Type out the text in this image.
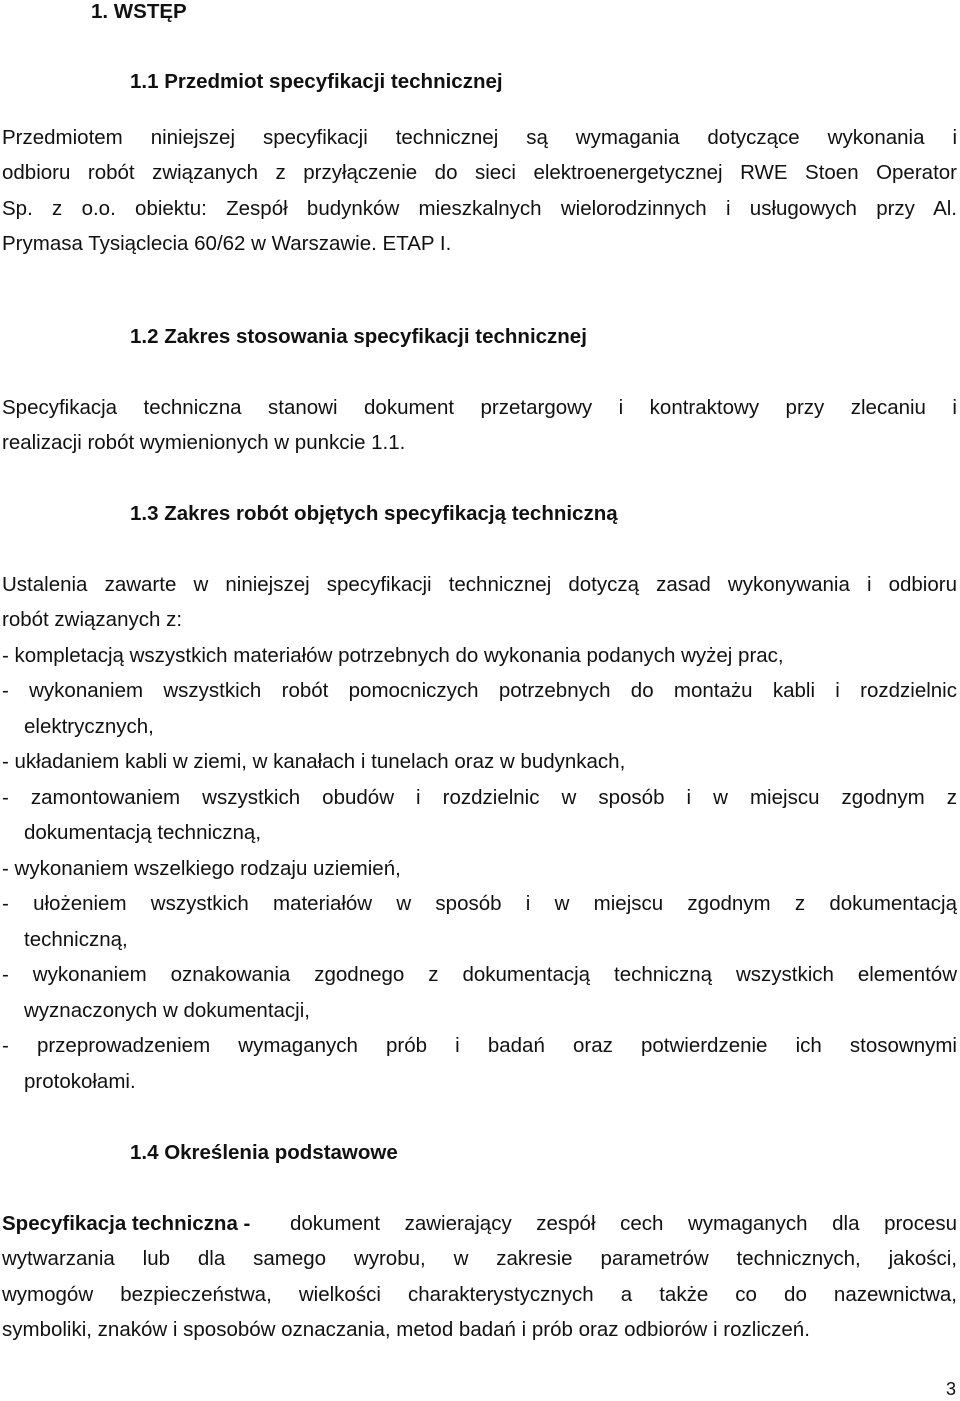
1. WSTĘP
1.1 Przedmiot specyfikacji technicznej
Przedmiotem niniejszej specyfikacji technicznej są wymagania dotyczące wykonania i
odbioru robót związanych z przyłączenie do sieci elektroenergetycznej RWE Stoen Operator
Sp. z o.o. obiektu: Zespół budynków mieszkalnych wielorodzinnych i usługowych przy Al.
Prymasa Tysiąclecia 60/62 w Warszawie. ETAP I.
1.2 Zakres stosowania specyfikacji technicznej
Specyfikacja techniczna stanowi dokument przetargowy i kontraktowy przy zlecaniu i
realizacji robót wymienionych w punkcie 1.1.
1.3 Zakres robót objętych specyfikacją techniczną
Ustalenia zawarte w niniejszej specyfikacji technicznej dotyczą zasad wykonywania i odbioru
robót związanych z:
- kompletacją wszystkich materiałów potrzebnych do wykonania podanych wyżej prac,
- wykonaniem wszystkich robót pomocniczych potrzebnych do montażu kabli i rozdzielnic
elektrycznych,
- układaniem kabli w ziemi, w kanałach i tunelach oraz w budynkach,
- zamontowaniem wszystkich obudów i rozdzielnic w sposób i w miejscu zgodnym z
dokumentacją techniczną,
- wykonaniem wszelkiego rodzaju uziemień,
- ułożeniem wszystkich materiałów w sposób i w miejscu zgodnym z dokumentacją
techniczną,
- wykonaniem oznakowania zgodnego z dokumentacją techniczną wszystkich elementów
wyznaczonych w dokumentacji,
- przeprowadzeniem wymaganych prób i badań oraz potwierdzenie ich stosownymi
protokołami.
1.4 Określenia podstawowe
Specyfikacja techniczna - dokument zawierający zespół cech wymaganych dla procesu
wytwarzania lub dla samego wyrobu, w zakresie parametrów technicznych, jakości,
wymogów bezpieczeństwa, wielkości charakterystycznych a także co do nazewnictwa,
symboliki, znaków i sposobów oznaczania, metod badań i prób oraz odbiorów i rozliczeń.
3
